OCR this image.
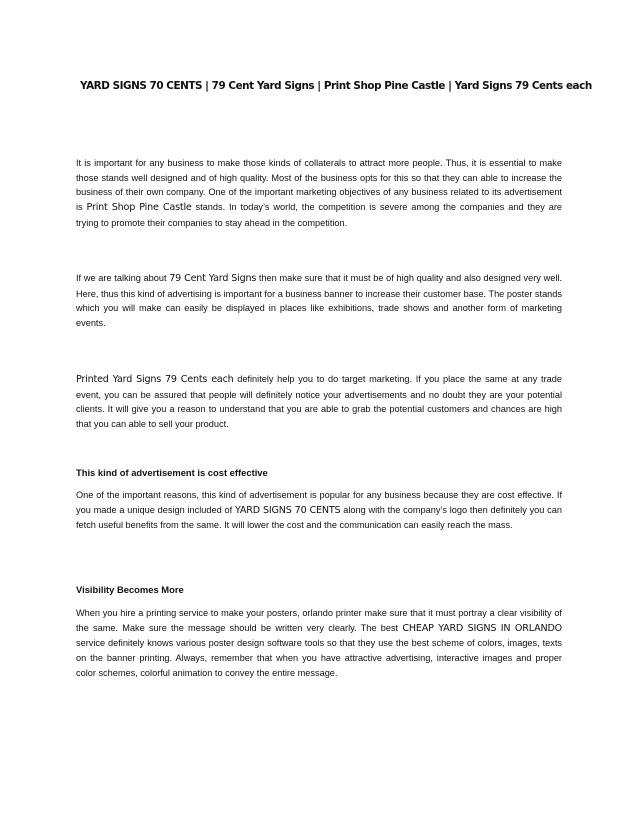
YARD SIGNS 70 CENTS | 79 Cent Yard Signs | Print Shop Pine Castle | Yard Signs 79 Cents each

It is important for any business to make those kinds of collaterals to attract more people. Thus, it is essential to make those stands well designed and of high quality. Most of the business opts for this so that they can able to increase the business of their own company. One of the important marketing objectives of any business related to its advertisement is Print Shop Pine Castle stands. In today’s world, the competition is severe among the companies and they are trying to promote their companies to stay ahead in the competition.

If we are talking about 79 Cent Yard Signs then make sure that it must be of high quality and also designed very well. Here, thus this kind of advertising is important for a business banner to increase their customer base. The poster stands which you will make can easily be displayed in places like exhibitions, trade shows and another form of marketing events.

Printed Yard Signs 79 Cents each definitely help you to do target marketing. If you place the same at any trade event, you can be assured that people will definitely notice your advertisements and no doubt they are your potential clients. It will give you a reason to understand that you are able to grab the potential customers and chances are high that you can able to sell your product.

This kind of advertisement is cost effective

One of the important reasons, this kind of advertisement is popular for any business because they are cost effective. If you made a unique design included of YARD SIGNS 70 CENTS along with the company’s logo then definitely you can fetch useful benefits from the same. It will lower the cost and the communication can easily reach the mass.

Visibility Becomes More

When you hire a printing service to make your posters, orlando printer make sure that it must portray a clear visibility of the same. Make sure the message should be written very clearly. The best CHEAP YARD SIGNS IN ORLANDO service definitely knows various poster design software tools so that they use the best scheme of colors, images, texts on the banner printing. Always, remember that when you have attractive advertising, interactive images and proper color schemes, colorful animation to convey the entire message.
